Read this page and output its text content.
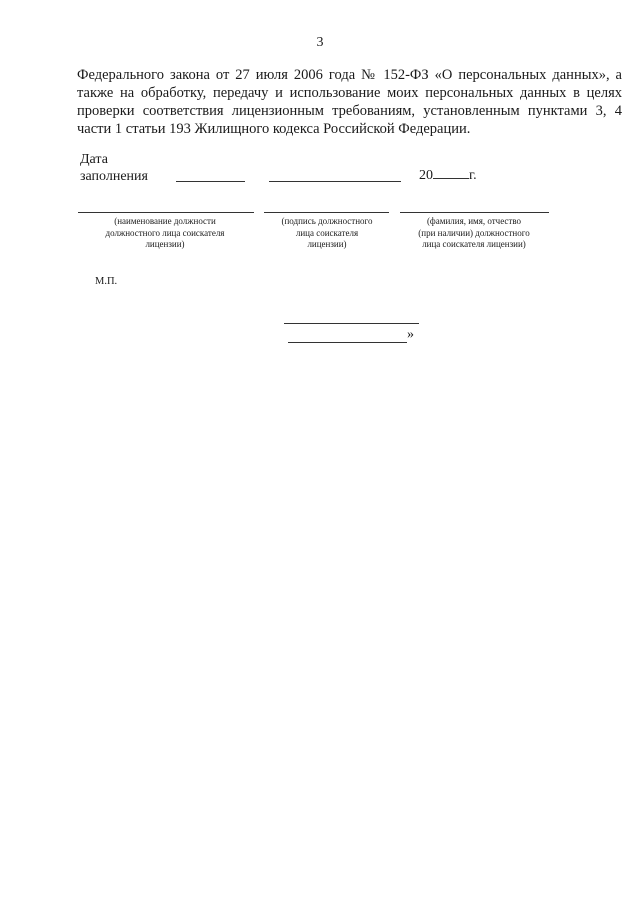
3
Федерального закона от 27 июля 2006 года № 152-ФЗ «О персональных данных», а
также на обработку, передачу и использование моих персональных данных в целях
проверки соответствия лицензионным требованиям, установленным пунктами 3, 4
части 1 статьи 193 Жилищного кодекса Российской Федерации.
Дата
заполнения	20	г.
(наименование должности
должностного лица соискателя
лицензии)
(подпись должностного
лица соискателя
лицензии)
(фамилия, имя, отчество
(при наличии) должностного
лица соискателя лицензии)
М.П.
»
